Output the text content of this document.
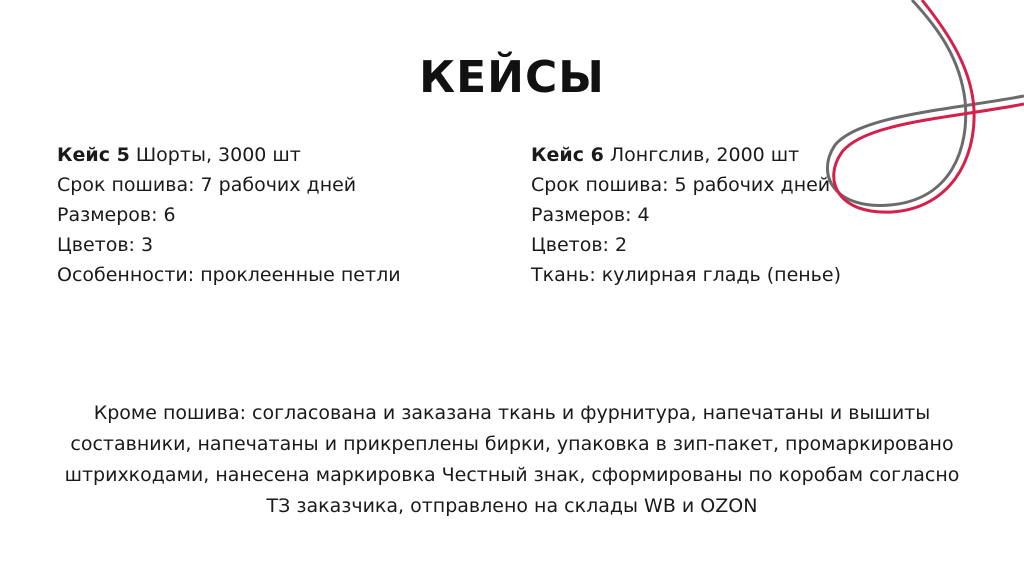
КЕЙСЫ
Кейс 5 Шорты, 3000 шт
Срок пошива: 7 рабочих дней
Размеров: 6
Цветов: 3
Особенности: проклеенные петли
Кейс 6 Лонгслив, 2000 шт
Срок пошива: 5 рабочих дней
Размеров: 4
Цветов: 2
Ткань: кулирная гладь (пенье)
Кроме пошива: согласована и заказана ткань и фурнитура, напечатаны и вышиты
составники, напечатаны и прикреплены бирки, упаковка в зип-пакет, промаркировано
штрихкодами, нанесена маркировка Честный знак, сформированы по коробам согласно
ТЗ заказчика, отправлено на склады WB и OZON
